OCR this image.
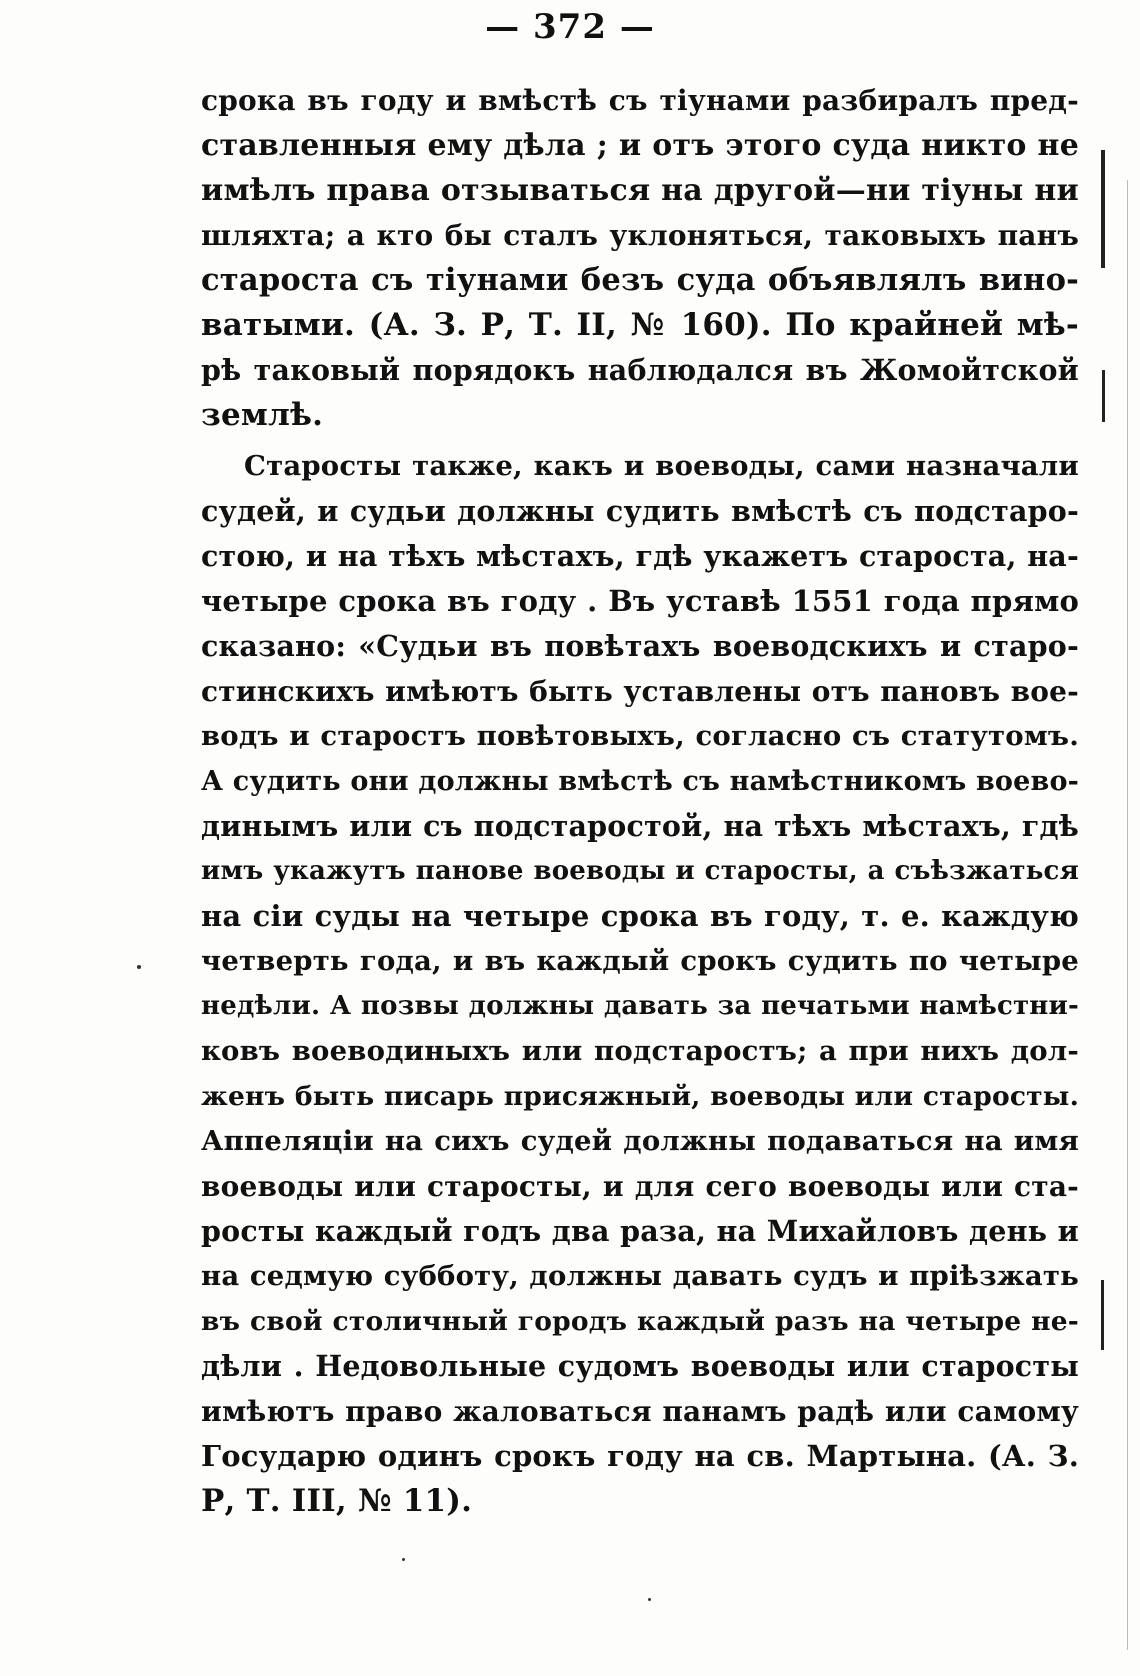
— 372 —
срока въ году и вмѣстѣ съ тіунами разбиралъ пред-
ставленныя ему дѣла ; и отъ этого суда никто не
имѣлъ права отзываться на другой—ни тіуны ни
шляхта; а кто бы сталъ уклоняться, таковыхъ панъ
староста съ тіунами безъ суда объявлялъ вино-
ватыми. (А. З. Р, Т. II, № 160). По крайней мѣ-
рѣ таковый порядокъ наблюдался въ Жомойтской
землѣ.
Старосты также, какъ и воеводы, сами назначали
судей, и судьи должны судить вмѣстѣ съ подстаро-
стою, и на тѣхъ мѣстахъ, гдѣ укажетъ староста, на-
четыре срока въ году . Въ уставѣ 1551 года прямо
сказано: «Судьи въ повѣтахъ воеводскихъ и старо-
стинскихъ имѣютъ быть уставлены отъ пановъ вое-
водъ и старостъ повѣтовыхъ, согласно съ статутомъ.
А судить они должны вмѣстѣ съ намѣстникомъ воево-
динымъ или съ подстаростой, на тѣхъ мѣстахъ, гдѣ
имъ укажутъ панове воеводы и старосты, а съѣзжаться
на сіи суды на четыре срока въ году, т. е. каждую
четверть года, и въ каждый срокъ судить по четыре
недѣли. А позвы должны давать за печатьми намѣстни-
ковъ воеводиныхъ или подстаростъ; а при нихъ дол-
женъ быть писарь присяжный, воеводы или старосты.
Аппеляціи на сихъ судей должны подаваться на имя
воеводы или старосты, и для сего воеводы или ста-
росты каждый годъ два раза, на Михайловъ день и
на седмую субботу, должны давать судъ и пріѣзжать
въ свой столичный городъ каждый разъ на четыре не-
дѣли . Недовольные судомъ воеводы или старосты
имѣютъ право жаловаться панамъ радѣ или самому
Государю одинъ срокъ году на св. Мартына. (А. З.
Р, Т. III, № 11).
